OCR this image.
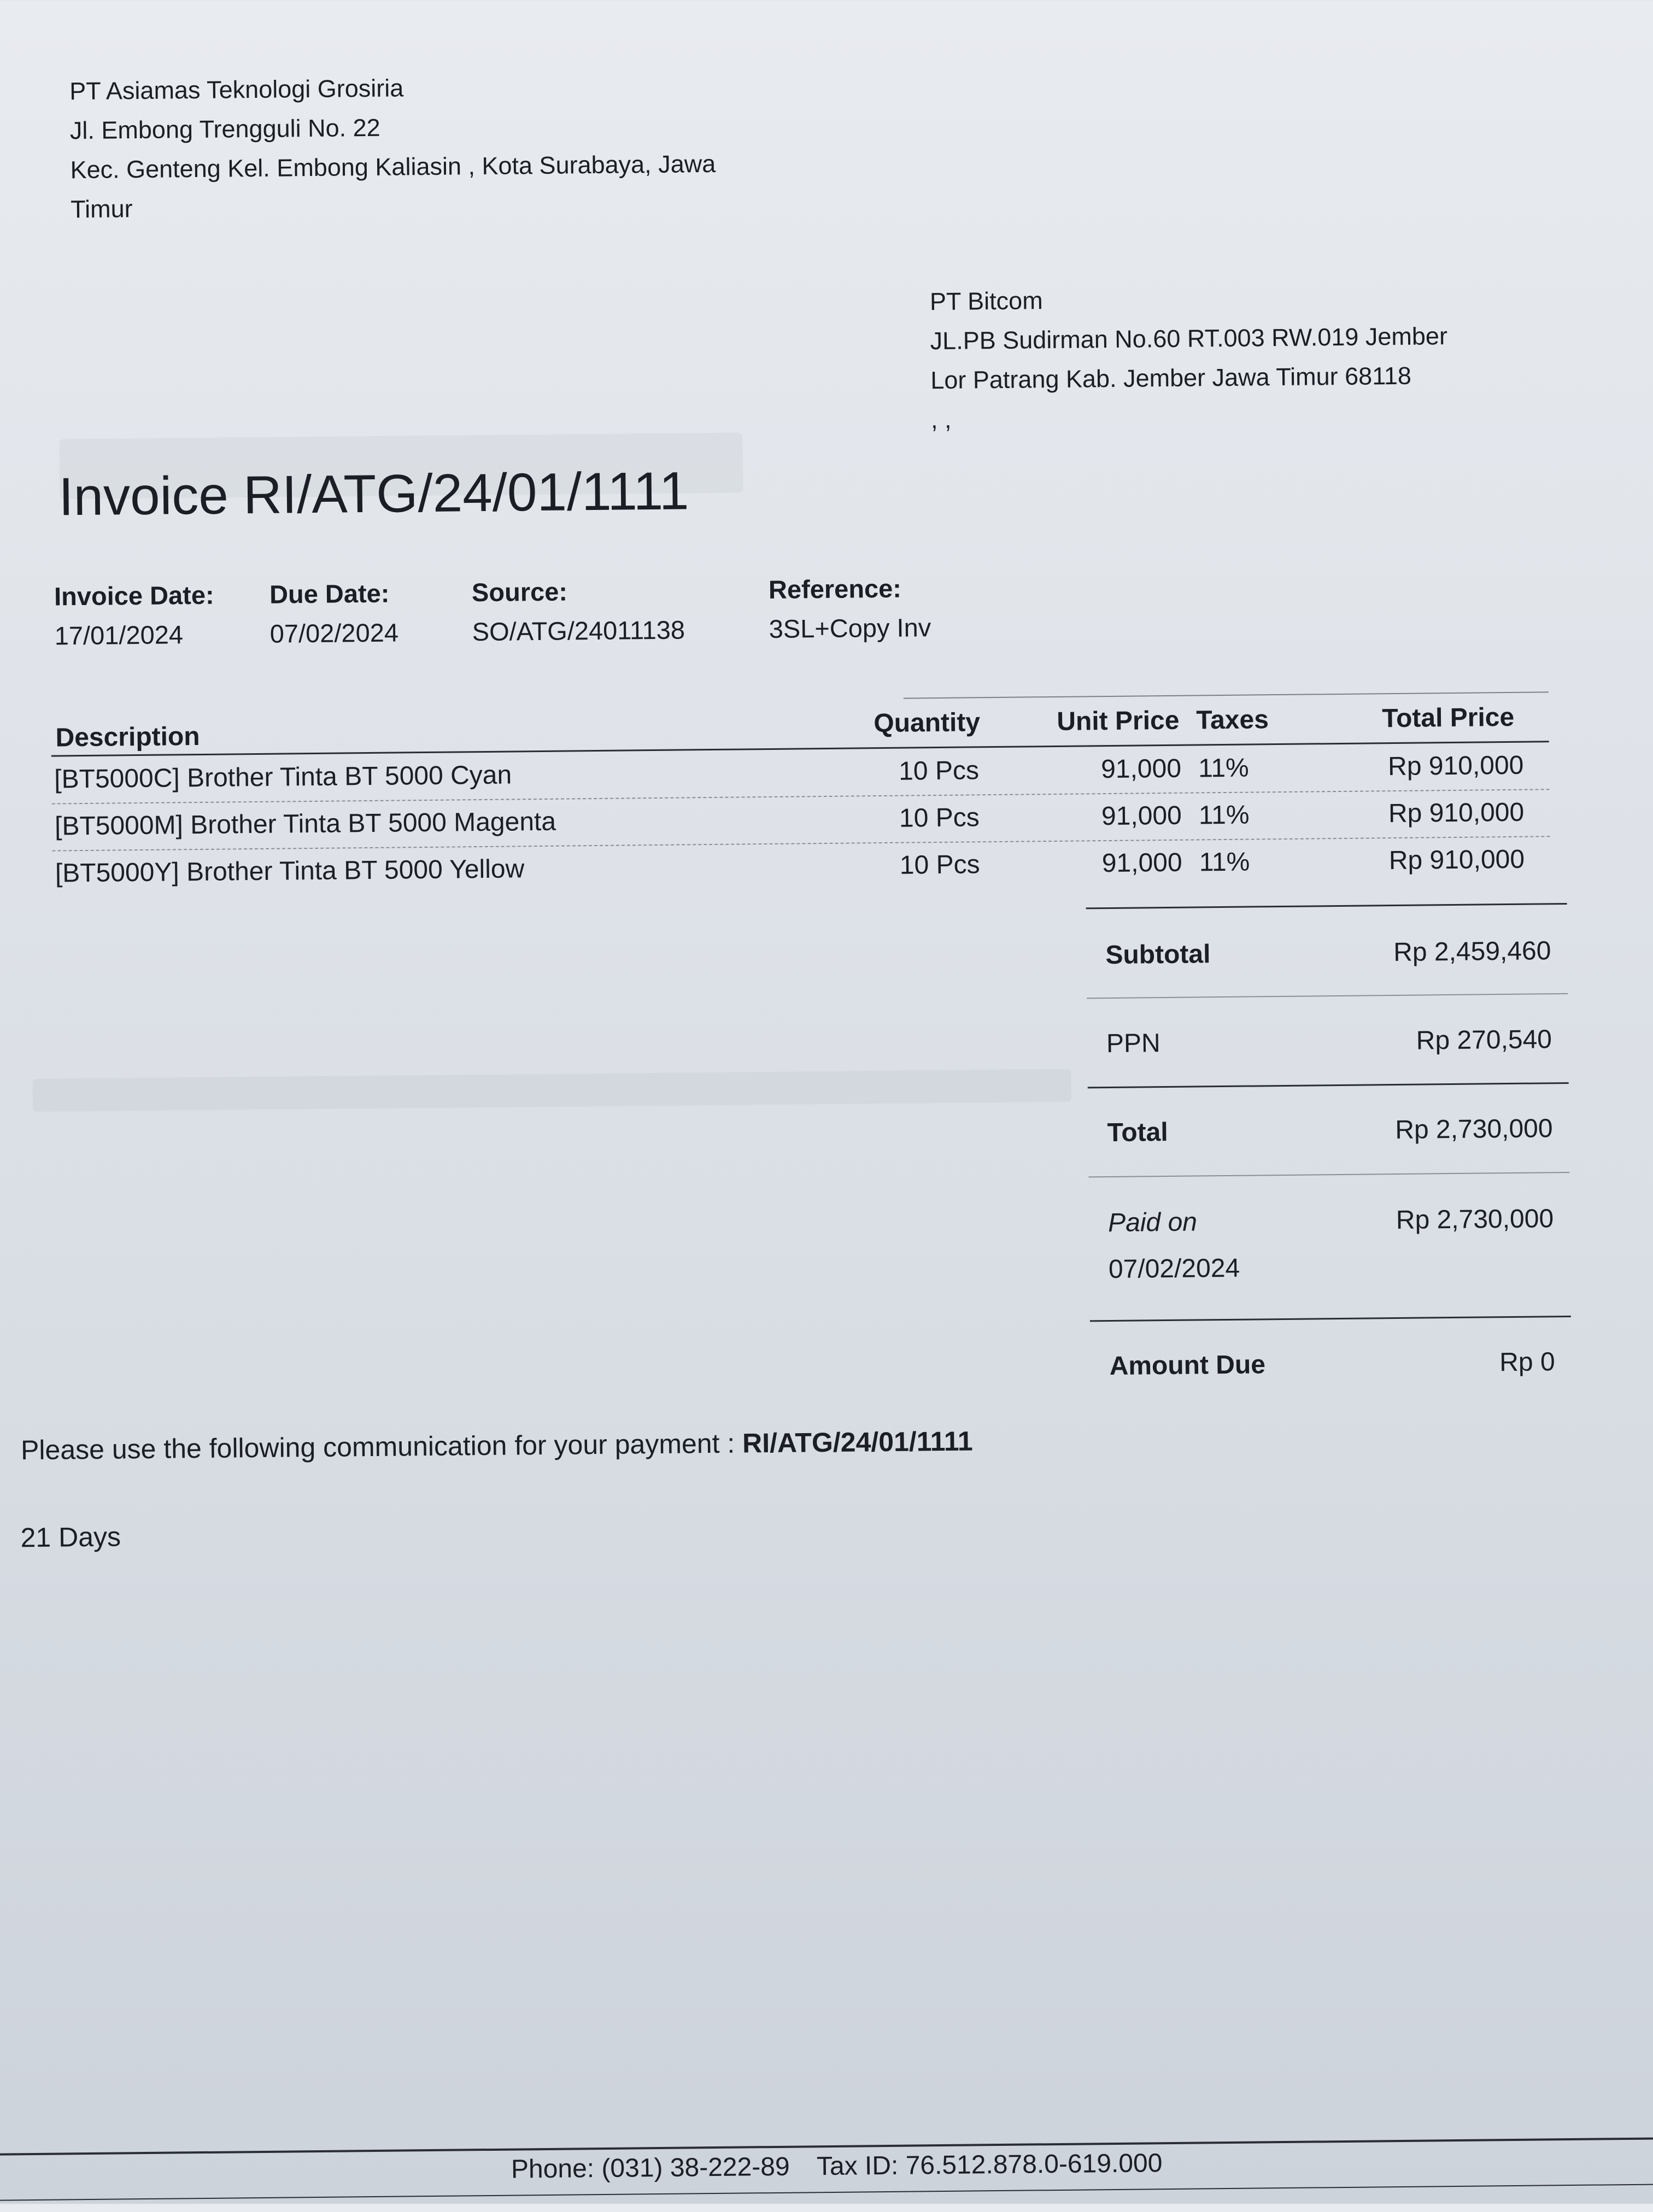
PT Asiamas Teknologi Grosiria
Jl. Embong Trengguli No. 22
Kec. Genteng Kel. Embong Kaliasin , Kota Surabaya, Jawa
Timur
PT Bitcom
JL.PB Sudirman No.60 RT.003 RW.019 Jember
Lor Patrang Kab. Jember Jawa Timur 68118
, ,
Invoice RI/ATG/24/01/1111
Invoice Date:
17/01/2024
Due Date:
07/02/2024
Source:
SO/ATG/24011138
Reference:
3SL+Copy Inv
Description	Quantity	Unit Price Taxes	Total Price
[BT5000C] Brother Tinta BT 5000 Cyan	10 Pcs	91,000 11%	Rp 910,000
[BT5000M] Brother Tinta BT 5000 Magenta	10 Pcs	91,000 11%	Rp 910,000
[BT5000Y] Brother Tinta BT 5000 Yellow	10 Pcs	91,000 11%	Rp 910,000
Subtotal	Rp 2,459,460
PPN	Rp 270,540
Total	Rp 2,730,000
Paid on	Rp 2,730,000
07/02/2024
Amount Due	Rp 0
Please use the following communication for your payment : RI/ATG/24/01/1111
21 Days
Phone: (031) 38-222-89 Tax ID: 76.512.878.0-619.000
